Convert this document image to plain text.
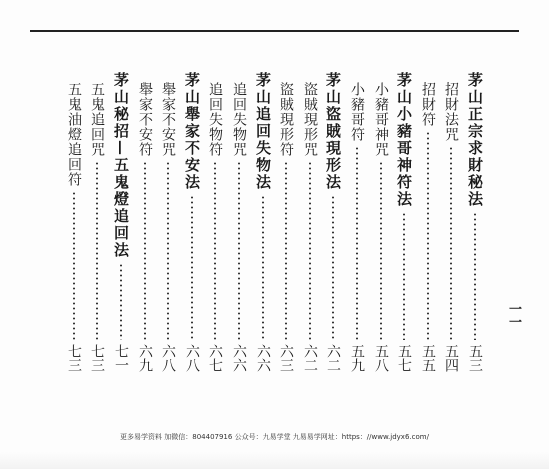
一一
茅山正宗求財秘法
五三
招財法咒
五四
招財符
五五
茅山小豬哥神符法
五七
小豬哥神咒
五八
小豬哥符
五九
茅山盜賊現形法
六二
盜賊現形咒
六二
盜賊現形符
六三
茅山追回失物法
六六
追回失物咒
六六
追回失物符
六七
茅山舉家不安法
六八
舉家不安咒
六八
舉家不安符
六九
茅山秘招—五鬼燈追回法
七一
五鬼追回咒
七三
五鬼油燈追回符
七三
更多易学资料 加微信：804407916 公众号：九易学堂 九易易学网址：https：//www.jdyx6.com/
